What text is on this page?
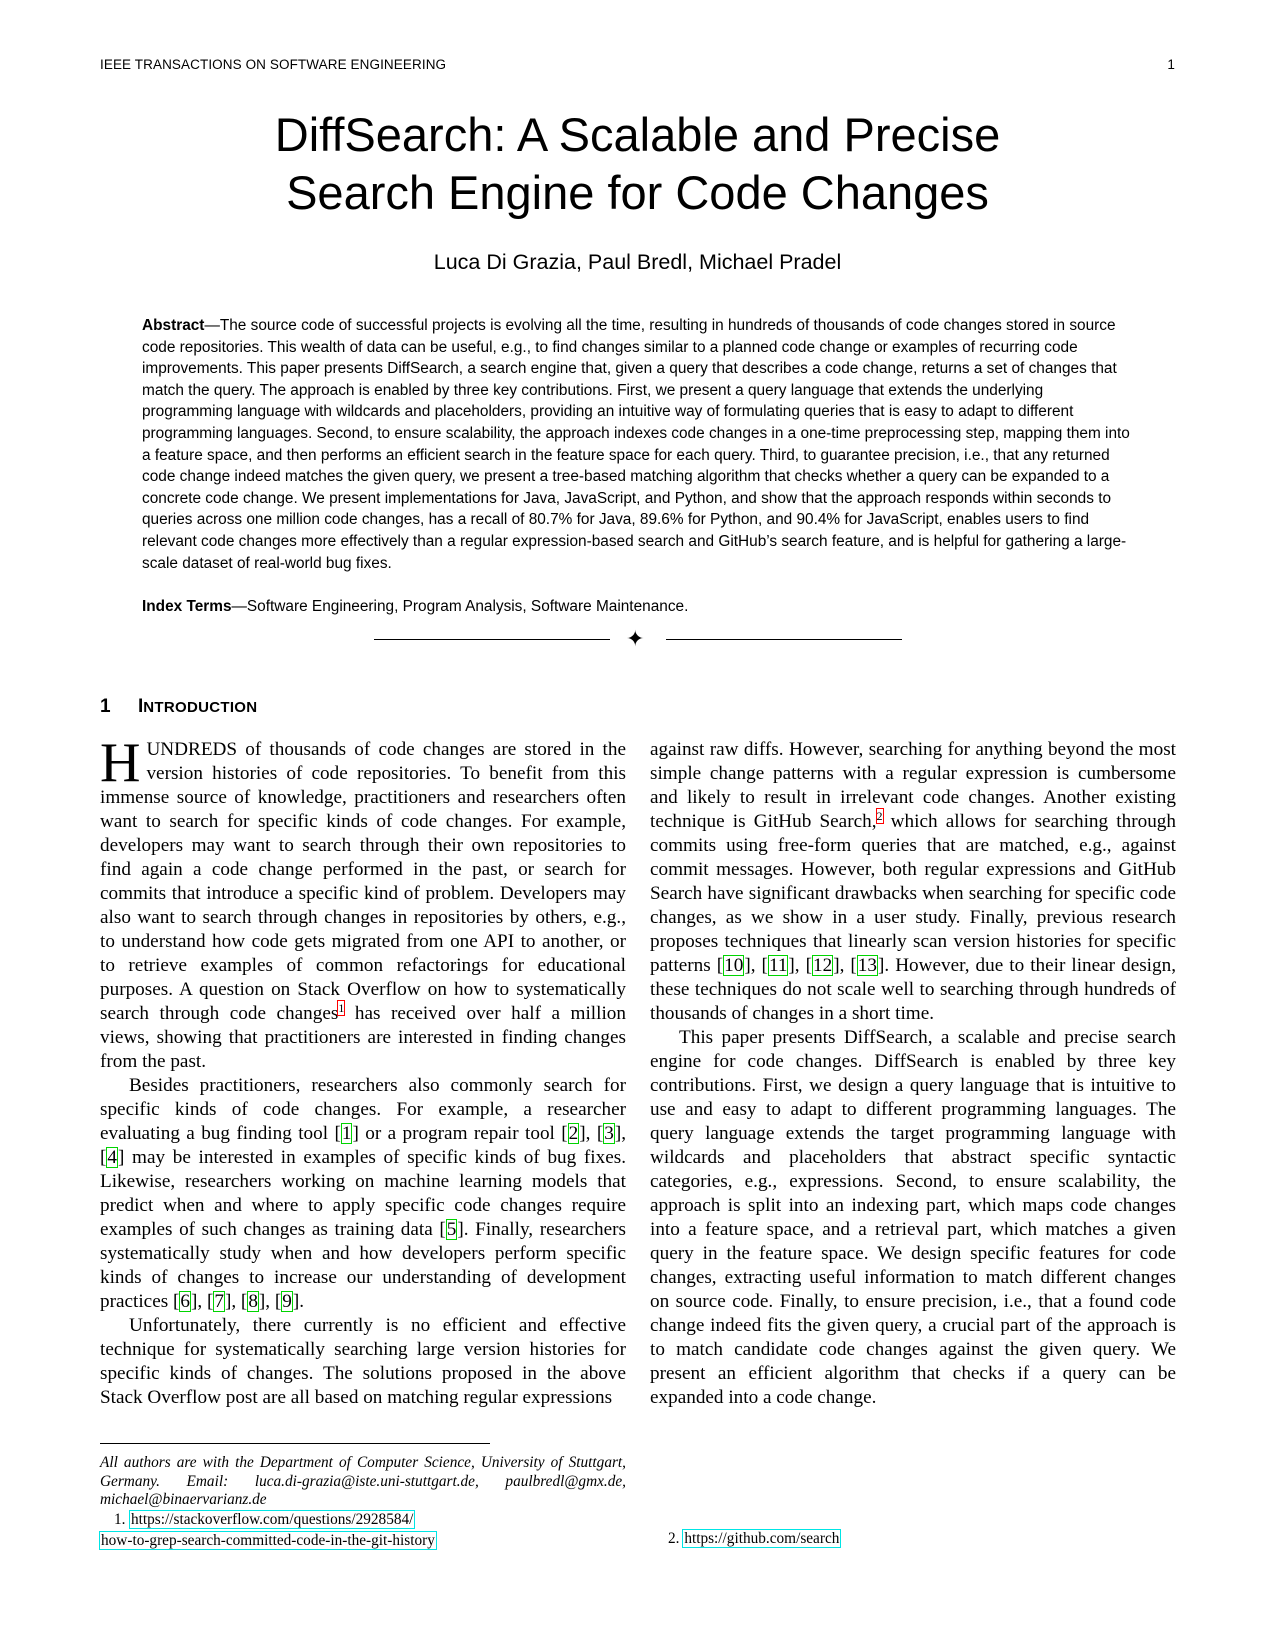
IEEE TRANSACTIONS ON SOFTWARE ENGINEERING	1
DiffSearch: A Scalable and Precise
Search Engine for Code Changes
Luca Di Grazia, Paul Bredl, Michael Pradel
Abstract—The source code of successful projects is evolving all the time, resulting in hundreds of thousands of code changes stored in source code repositories. This wealth of data can be useful, e.g., to find changes similar to a planned code change or examples of recurring code improvements. This paper presents DiffSearch, a search engine that, given a query that describes a code change, returns a set of changes that match the query. The approach is enabled by three key contributions. First, we present a query language that extends the underlying programming language with wildcards and placeholders, providing an intuitive way of formulating queries that is easy to adapt to different programming languages. Second, to ensure scalability, the approach indexes code changes in a one-time preprocessing step, mapping them into a feature space, and then performs an efficient search in the feature space for each query. Third, to guarantee precision, i.e., that any returned code change indeed matches the given query, we present a tree-based matching algorithm that checks whether a query can be expanded to a concrete code change. We present implementations for Java, JavaScript, and Python, and show that the approach responds within seconds to queries across one million code changes, has a recall of 80.7% for Java, 89.6% for Python, and 90.4% for JavaScript, enables users to find relevant code changes more effectively than a regular expression-based search and GitHub’s search feature, and is helpful for gathering a large-scale dataset of real-world bug fixes.
Index Terms—Software Engineering, Program Analysis, Software Maintenance.
✦
1 INTRODUCTION

HUNDREDS of thousands of code changes are stored in the version histories of code repositories. To benefit from this immense source of knowledge, practitioners and researchers often want to search for specific kinds of code changes. For example, developers may want to search through their own repositories to find again a code change performed in the past, or search for commits that introduce a specific kind of problem. Developers may also want to search through changes in repositories by others, e.g., to understand how code gets migrated from one API to another, or to retrieve examples of common refactorings for educational purposes. A question on Stack Overflow on how to systematically search through code changes$^1$ has received over half a million views, showing that practitioners are interested in finding changes from the past.

Besides practitioners, researchers also commonly search for specific kinds of code changes. For example, a researcher evaluating a bug finding tool [1] or a program repair tool [2], [3], [4] may be interested in examples of specific kinds of bug fixes. Likewise, researchers working on machine learning models that predict when and where to apply specific code changes require examples of such changes as training data [5]. Finally, researchers systematically study when and how developers perform specific kinds of changes to increase our understanding of development practices [6], [7], [8], [9].

Unfortunately, there currently is no efficient and effective technique for systematically searching large version histories for specific kinds of changes. The solutions proposed in the above Stack Overflow post are all based on matching regular expressions

against raw diffs. However, searching for anything beyond the most simple change patterns with a regular expression is cumbersome and likely to result in irrelevant code changes. Another existing technique is GitHub Search,$^2$ which allows for searching through commits using free-form queries that are matched, e.g., against commit messages. However, both regular expressions and GitHub Search have significant drawbacks when searching for specific code changes, as we show in a user study. Finally, previous research proposes techniques that linearly scan version histories for specific patterns [10], [11], [12], [13]. However, due to their linear design, these techniques do not scale well to searching through hundreds of thousands of changes in a short time.

This paper presents DiffSearch, a scalable and precise search engine for code changes. DiffSearch is enabled by three key contributions. First, we design a query language that is intuitive to use and easy to adapt to different programming languages. The query language extends the target programming language with wildcards and placeholders that abstract specific syntactic categories, e.g., expressions. Second, to ensure scalability, the approach is split into an indexing part, which maps code changes into a feature space, and a retrieval part, which matches a given query in the feature space. We design specific features for code changes, extracting useful information to match different changes on source code. Finally, to ensure precision, i.e., that a found code change indeed fits the given query, a crucial part of the approach is to match candidate code changes against the given query. We present an efficient algorithm that checks if a query can be expanded into a code change.

All authors are with the Department of Computer Science, University of Stuttgart, Germany. Email: luca.di-grazia@iste.uni-stuttgart.de, paulbredl@gmx.de, michael@binaervarianz.de
1. https://stackoverflow.com/questions/2928584/
how-to-grep-search-committed-code-in-the-git-history	2. https://github.com/search
